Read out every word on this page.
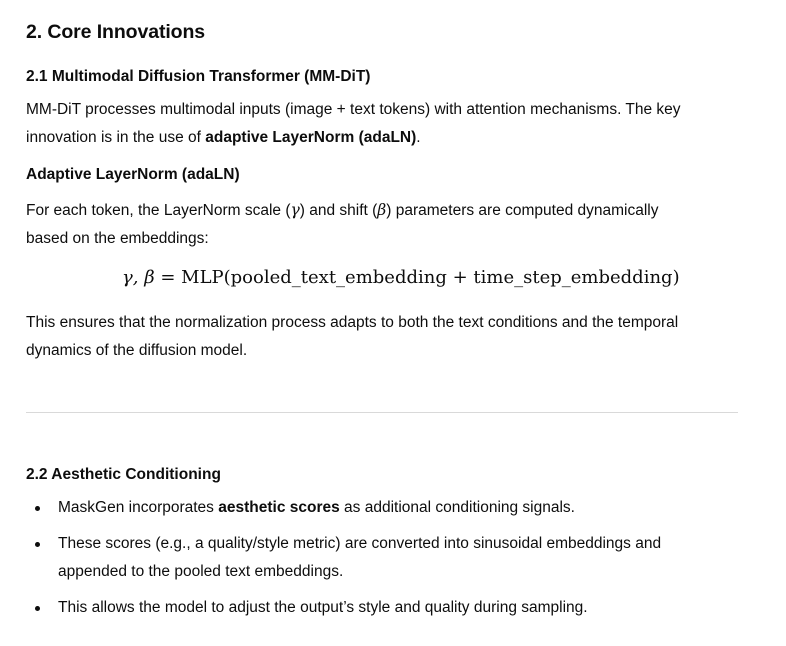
2. Core Innovations
2.1 Multimodal Diffusion Transformer (MM-DiT)
MM-DiT processes multimodal inputs (image + text tokens) with attention mechanisms. The key
innovation is in the use of adaptive LayerNorm (adaLN).
Adaptive LayerNorm (adaLN)
For each token, the LayerNorm scale (γ) and shift (β) parameters are computed dynamically
based on the embeddings:
γ, β = MLP(pooled_text_embedding + time_step_embedding)
This ensures that the normalization process adapts to both the text conditions and the temporal
dynamics of the diffusion model.
2.2 Aesthetic Conditioning
MaskGen incorporates aesthetic scores as additional conditioning signals.
These scores (e.g., a quality/style metric) are converted into sinusoidal embeddings and
appended to the pooled text embeddings.
This allows the model to adjust the output’s style and quality during sampling.
